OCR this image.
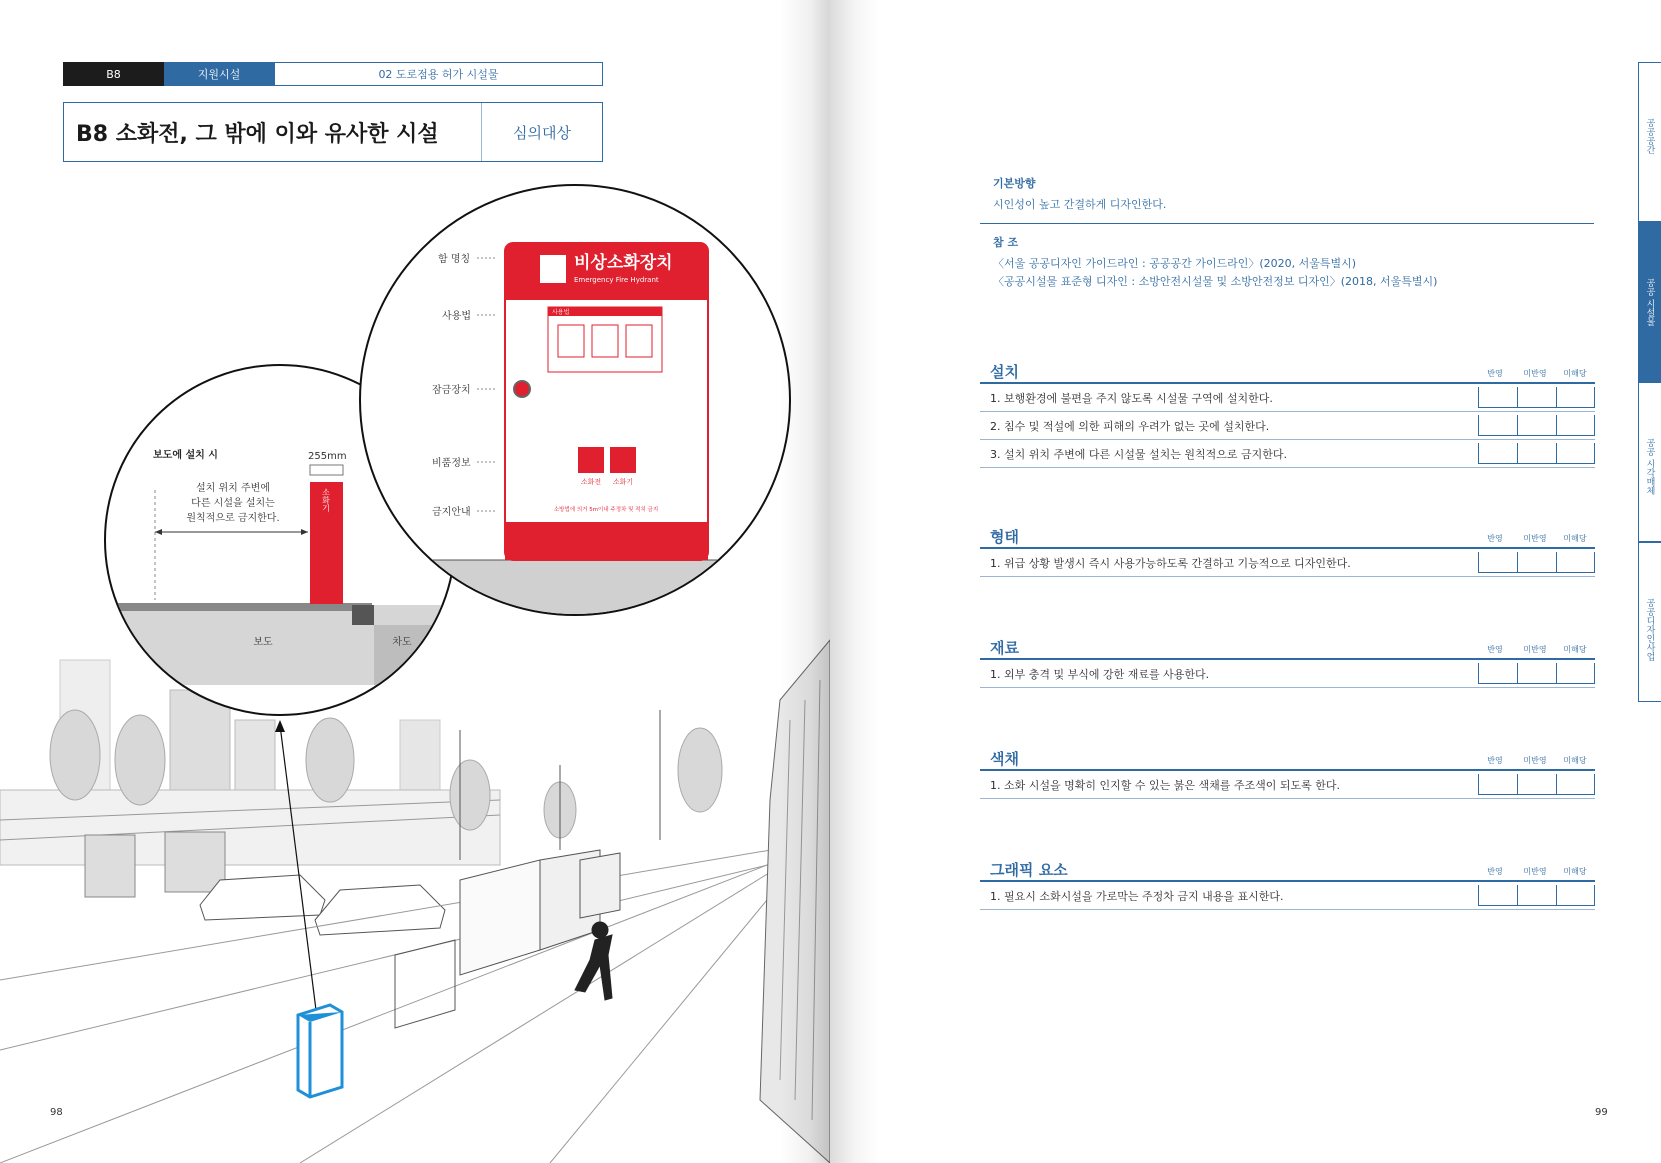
B8	지원시설	02 도로점용 허가 시설물
B8 소화전, 그 밖에 이와 유사한 시설	심의대상
보도에 설치 시	255mm
설치 위치 주변에
다른 시설을 설치는
원칙적으로 금지한다.
소화기
보도	차도
비상소화장치
Emergency Fire Hydrant
사용법
소화전 소화기
소방법에 의거 5m이내 주정차 및 적치 금지
함 명칭
사용법
잠금장치
비품정보
금지안내
98
기본방향
시인성이 높고 간결하게 디자인한다.
참 조
〈서울 공공디자인 가이드라인 : 공공공간 가이드라인〉(2020, 서울특별시)
〈공공시설물 표준형 디자인 : 소방안전시설물 및 소방안전정보 디자인〉(2018, 서울특별시)
설치	반영	미반영	미해당
1. 보행환경에 불편을 주지 않도록 시설물 구역에 설치한다.
2. 침수 및 적설에 의한 피해의 우려가 없는 곳에 설치한다.
3. 설치 위치 주변에 다른 시설물 설치는 원칙적으로 금지한다.
형태	반영	미반영	미해당
1. 위급 상황 발생시 즉시 사용가능하도록 간결하고 기능적으로 디자인한다.
재료	반영	미반영	미해당
1. 외부 충격 및 부식에 강한 재료를 사용한다.
색채	반영	미반영	미해당
1. 소화 시설을 명확히 인지할 수 있는 붉은 색채를 주조색이 되도록 한다.
그래픽 요소	반영	미반영	미해당
1. 필요시 소화시설을 가로막는 주정차 금지 내용을 표시한다.
공공공간
공공 시설물
공공 시각매체
공공디자인사업
99
